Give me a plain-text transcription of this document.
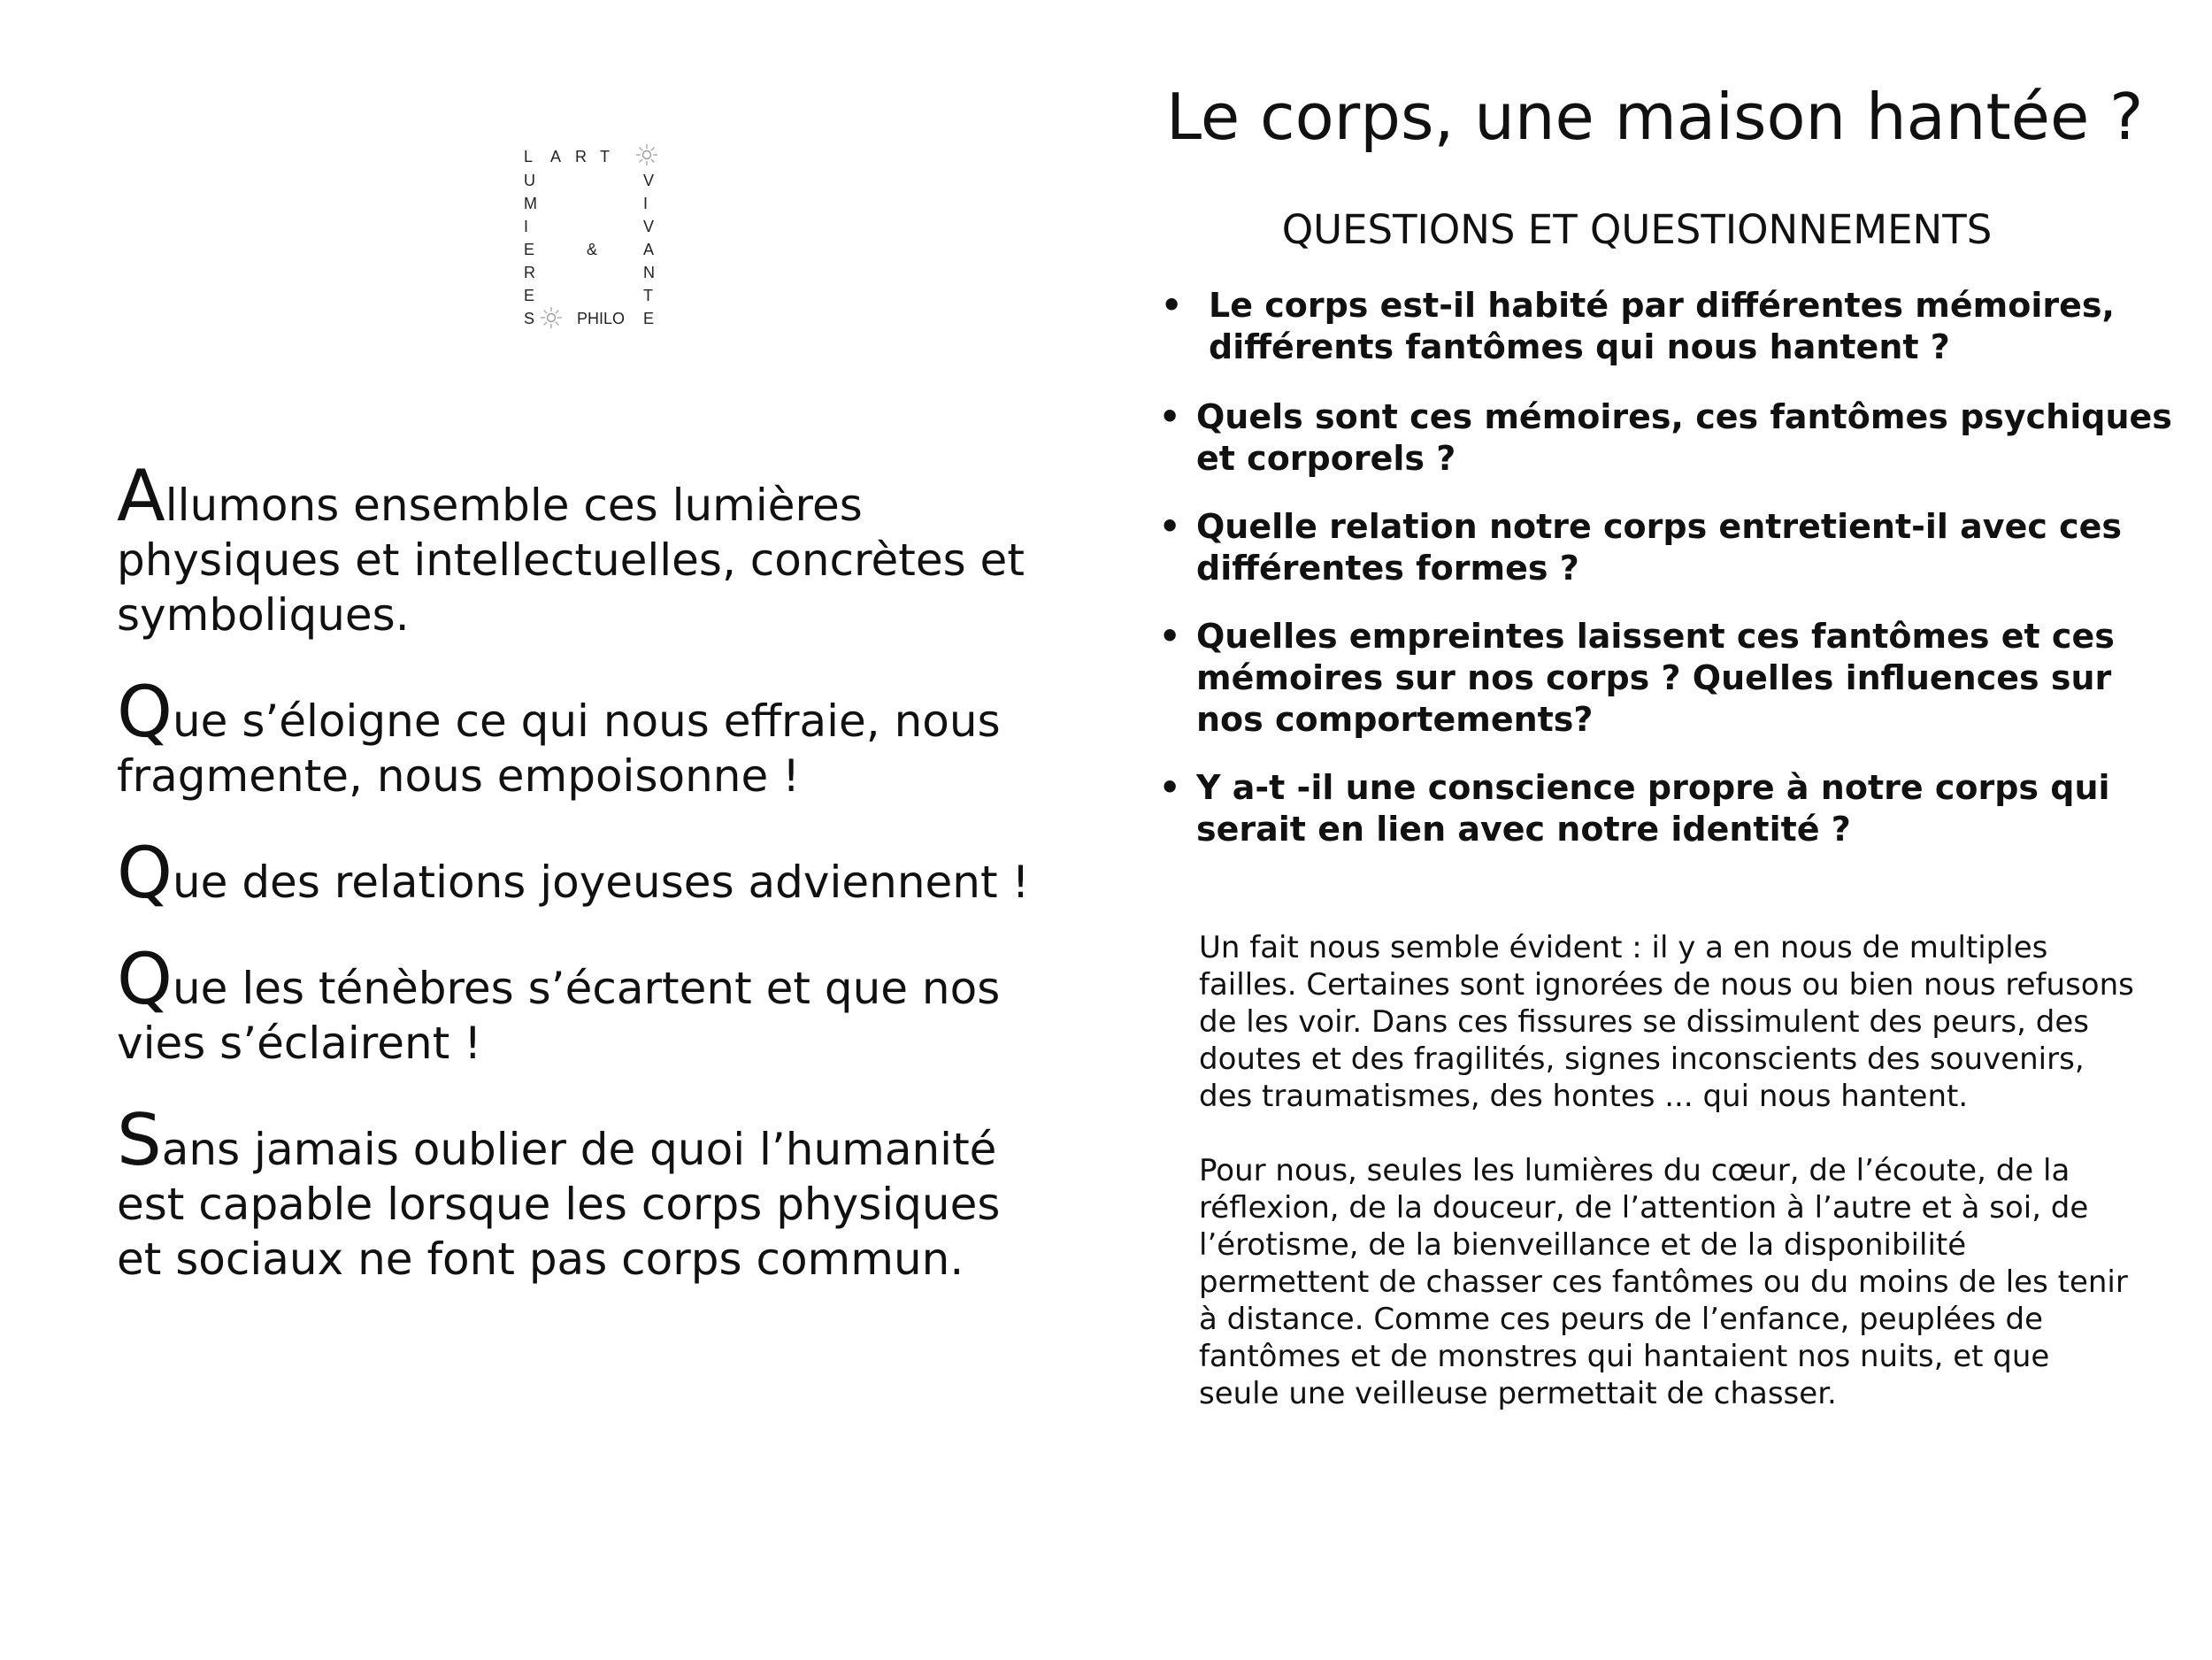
L A R T
U
M
I
E
R
E
S
V
I
V
A
N
T
E
&
PHILO

Allumons ensemble ces lumières physiques et intellectuelles, concrètes et symboliques.

Que s’éloigne ce qui nous effraie, nous fragmente, nous empoisonne !

Que des relations joyeuses adviennent !

Que les ténèbres s’écartent et que nos vies s’éclairent !

Sans jamais oublier de quoi l’humanité est capable lorsque les corps physiques et sociaux ne font pas corps commun.

Le corps, une maison hantée ?
QUESTIONS ET QUESTIONNEMENTS
• Le corps est-il habité par différentes mémoires, différents fantômes qui nous hantent ?
• Quels sont ces mémoires, ces fantômes psychiques et corporels ?
• Quelle relation notre corps entretient-il avec ces différentes formes ?
• Quelles empreintes laissent ces fantômes et ces mémoires sur nos corps ? Quelles influences sur nos comportements?
• Y a-t -il une conscience propre à notre corps qui serait en lien avec notre identité ?

Un fait nous semble évident : il y a en nous de multiples failles. Certaines sont ignorées de nous ou bien nous refusons de les voir. Dans ces fissures se dissimulent des peurs, des doutes et des fragilités, signes inconscients des souvenirs, des traumatismes, des hontes ... qui nous hantent.

Pour nous, seules les lumières du cœur, de l’écoute, de la réflexion, de la douceur, de l’attention à l’autre et à soi, de l’érotisme, de la bienveillance et de la disponibilité permettent de chasser ces fantômes ou du moins de les tenir à distance. Comme ces peurs de l’enfance, peuplées de fantômes et de monstres qui hantaient nos nuits, et que seule une veilleuse permettait de chasser.
